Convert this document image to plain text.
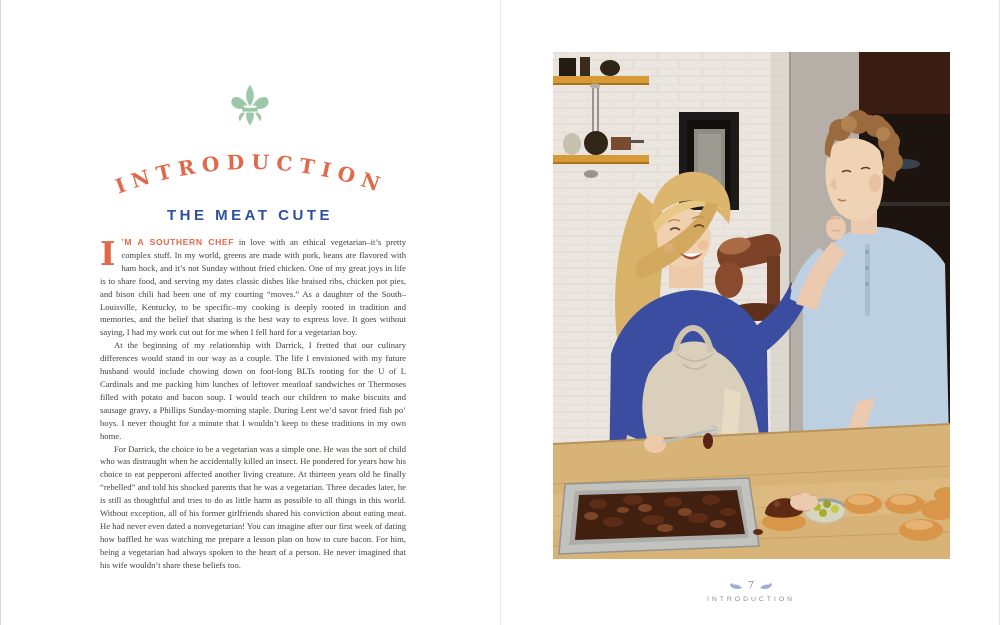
INTRODUCTION
THE MEAT CUTE

I ’M A SOUTHERN CHEF in love with an ethical vegetarian–it’s pretty complex stuff. In my world, greens are made with pork, beans are flavored with ham hock, and it’s not Sunday without fried chicken. One of my great joys in life is to share food, and serving my dates classic dishes like braised ribs, chicken pot pies, and bison chili had been one of my courting “moves.” As a daughter of the South–Louisville, Kentucky, to be specific–my cooking is deeply rooted in tradition and memories, and the belief that sharing is the best way to express love. It goes without saying, I had my work cut out for me when I fell hard for a vegetarian boy.

At the beginning of my relationship with Darrick, I fretted that our culinary differences would stand in our way as a couple. The life I envisioned with my future husband would include chowing down on foot-long BLTs rooting for the U of L Cardinals and me packing him lunches of leftover meatloaf sandwiches or Thermoses filled with potato and bacon soup. I would teach our children to make biscuits and sausage gravy, a Phillips Sunday-morning staple. During Lent we’d savor fried fish po’ boys. I never thought for a minute that I wouldn’t keep to these traditions in my own home.

For Darrick, the choice to be a vegetarian was a simple one. He was the sort of child who was distraught when he accidentally killed an insect. He pondered for years how his choice to eat pepperoni affected another living creature. At thirteen years old he finally “rebelled” and told his shocked parents that he was a vegetarian. Three decades later, he is still as thoughtful and tries to do as little harm as possible to all things in this world. Without exception, all of his former girlfriends shared his conviction about eating meat. He had never even dated a nonvegetarian! You can imagine after our first week of dating how baffled he was watching me prepare a lesson plan on how to cure bacon. For him, being a vegetarian had always spoken to the heart of a person. He never imagined that his wife wouldn’t share these beliefs too.

7
INTRODUCTION
